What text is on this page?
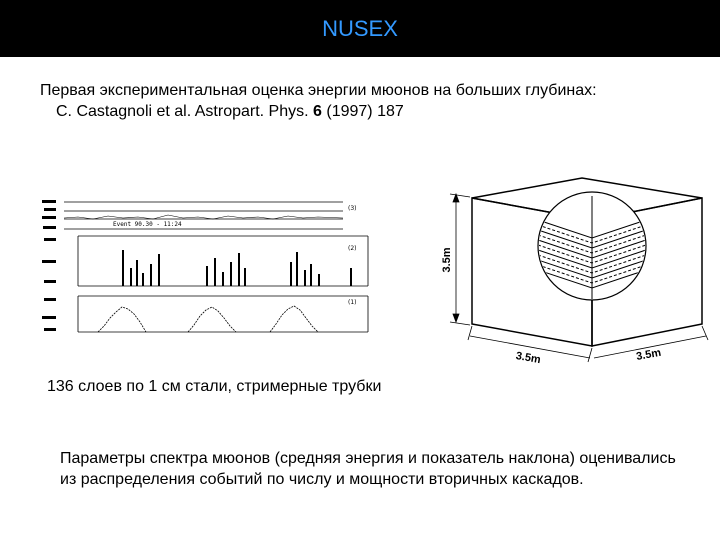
NUSEX
Первая экспериментальная оценка энергии мюонов на больших глубинах:

C. Castagnoli et al. Astropart. Phys. 6 (1997) 187
Event 90.30 - 11:24
(3)
(2)
(1)
3.5m
3.5m	3.5m
136 слоев по 1 см стали, стримерные трубки
Параметры спектра мюонов (средняя энергия и показатель наклона) оценивались из распределения событий по числу и мощности вторичных каскадов.
